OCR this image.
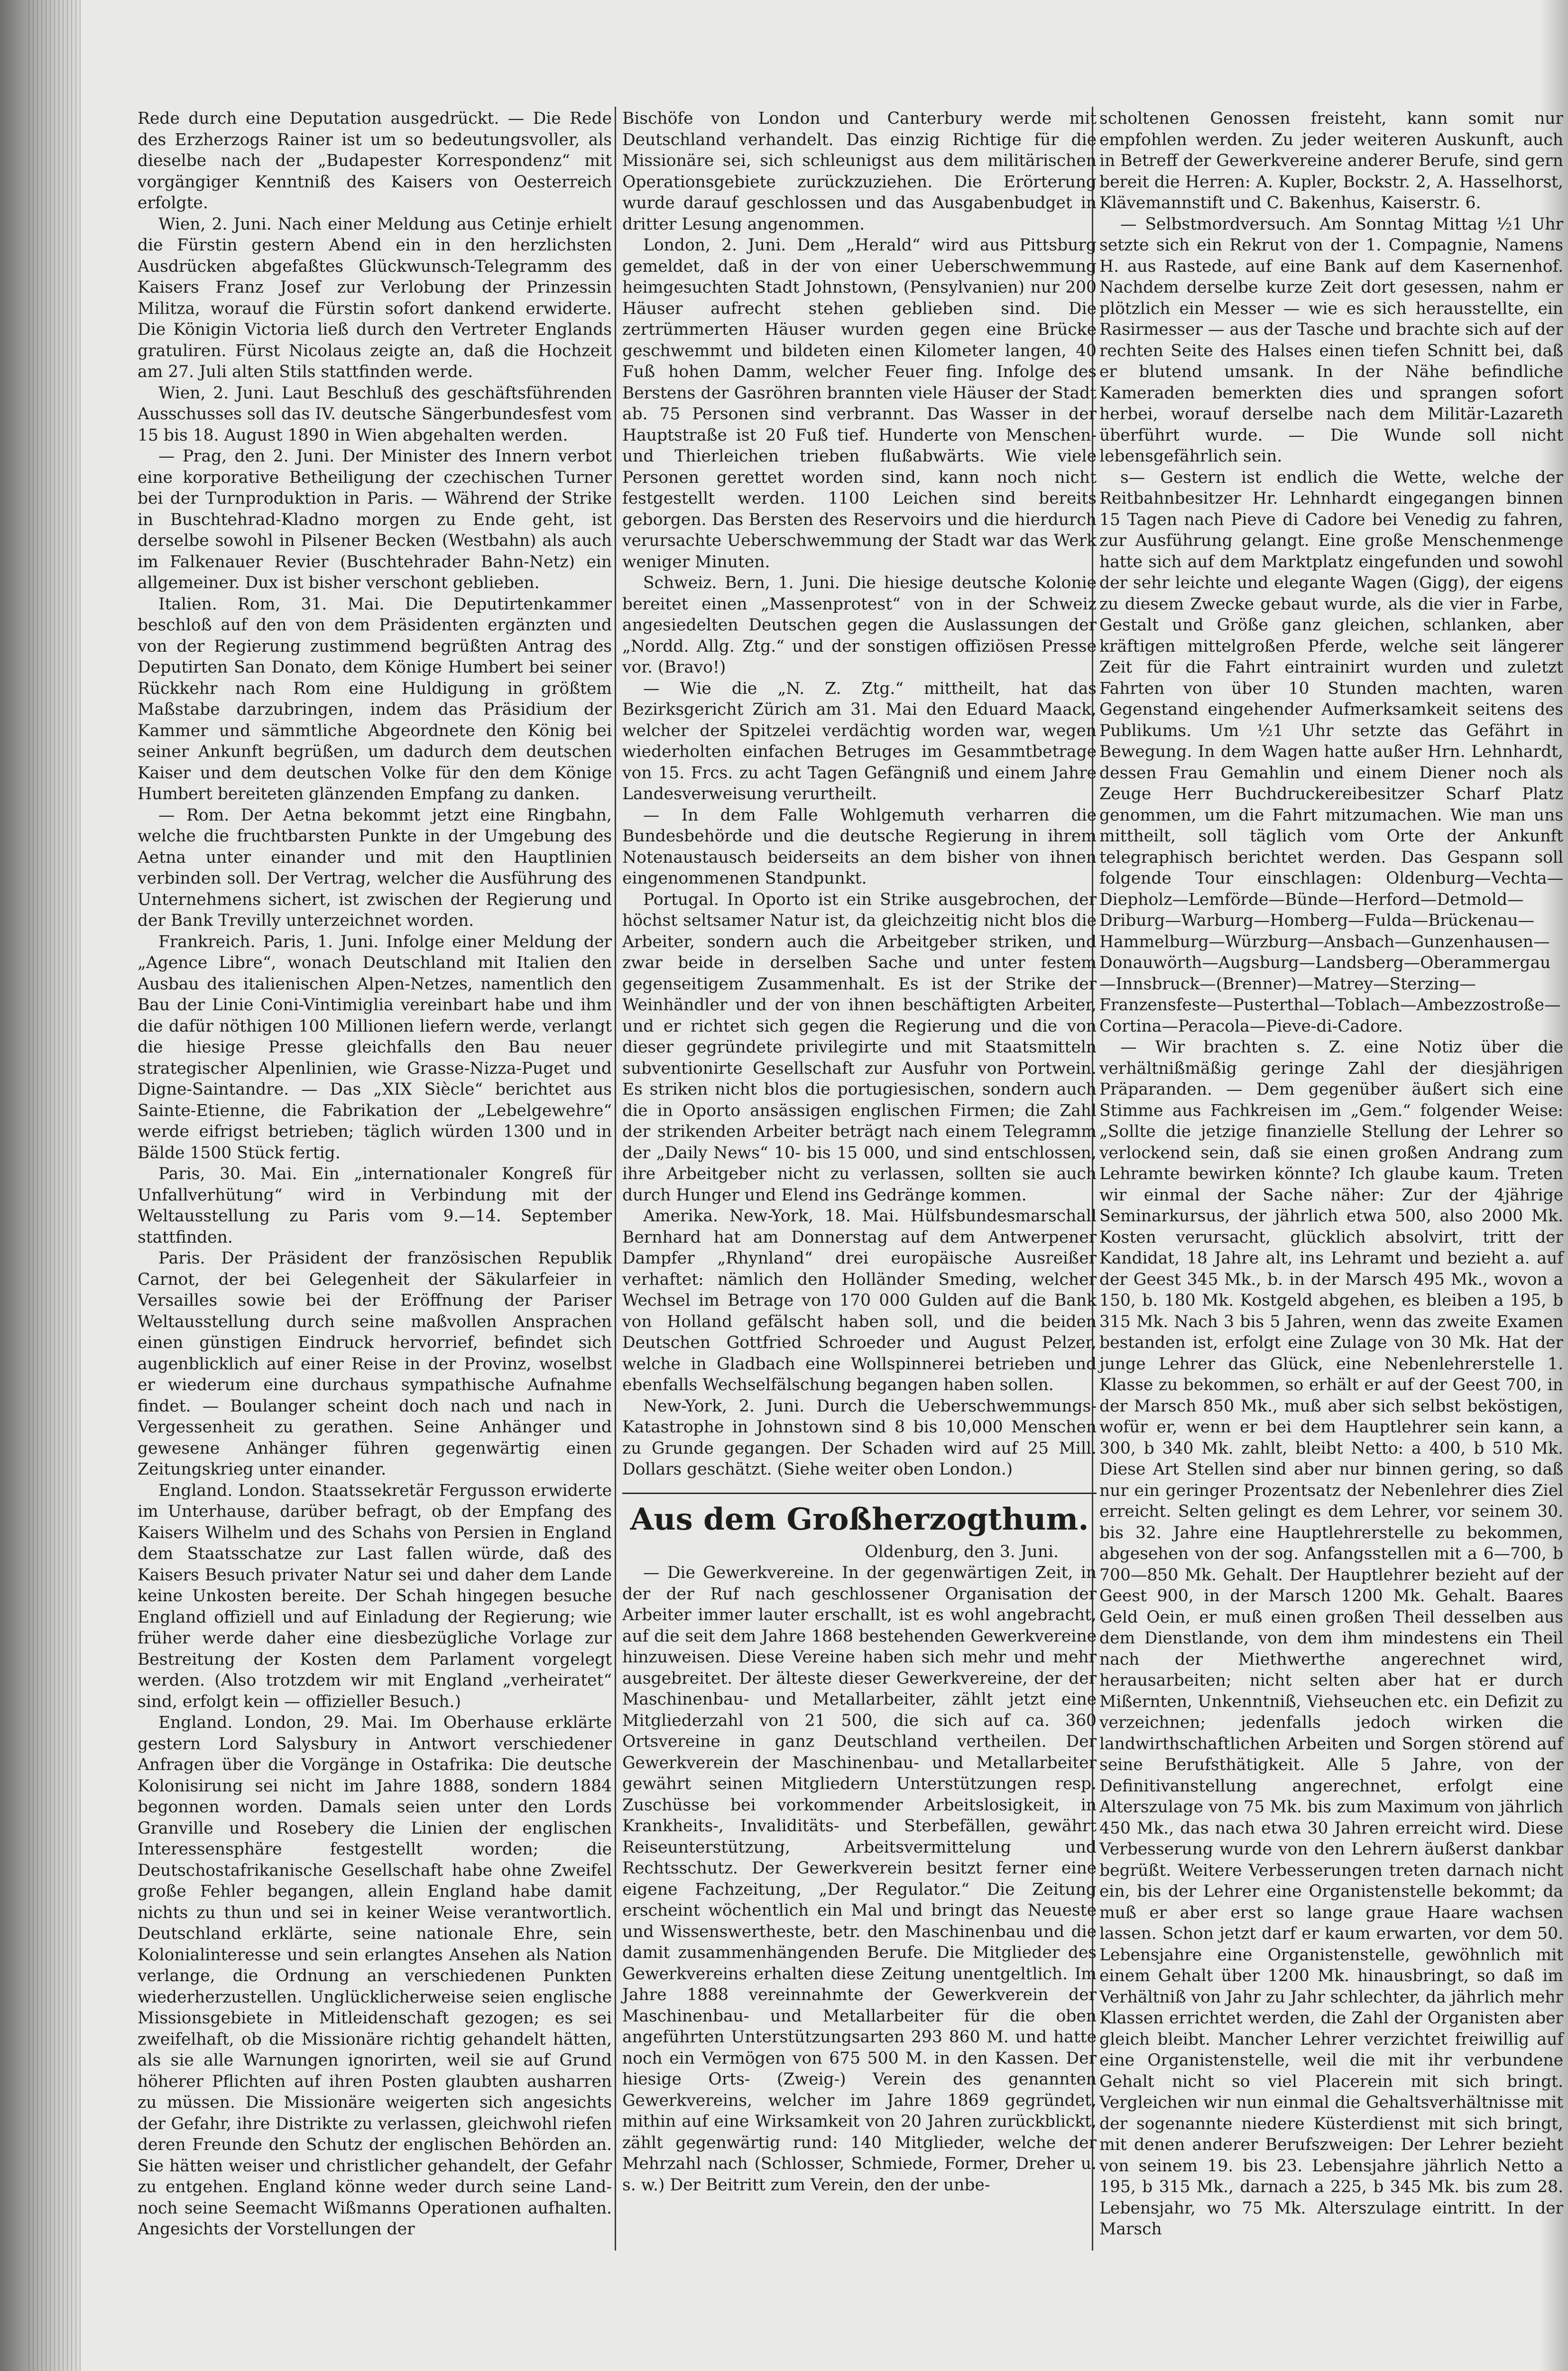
Rede durch eine Deputation ausgedrückt. — Die Rede des Erzherzogs Rainer ist um so bedeutungsvoller, als dieselbe nach der „Budapester Korrespondenz“ mit vorgängiger Kenntniß des Kaisers von Oesterreich erfolgte.

Wien, 2. Juni. Nach einer Meldung aus Cetinje erhielt die Fürstin gestern Abend ein in den herzlichsten Ausdrücken abgefaßtes Glückwunsch-Telegramm des Kaisers Franz Josef zur Verlobung der Prinzessin Militza, worauf die Fürstin sofort dankend erwiderte. Die Königin Victoria ließ durch den Vertreter Englands gratuliren. Fürst Nicolaus zeigte an, daß die Hochzeit am 27. Juli alten Stils stattfinden werde.

Wien, 2. Juni. Laut Beschluß des geschäftsführenden Ausschusses soll das IV. deutsche Sängerbundesfest vom 15 bis 18. August 1890 in Wien abgehalten werden.

— Prag, den 2. Juni. Der Minister des Innern verbot eine korporative Betheiligung der czechischen Turner bei der Turnproduktion in Paris. — Während der Strike in Buschtehrad-Kladno morgen zu Ende geht, ist derselbe sowohl in Pilsener Becken (Westbahn) als auch im Falkenauer Revier (Buschtehrader Bahn-Netz) ein allgemeiner. Dux ist bisher verschont geblieben.

Italien. Rom, 31. Mai. Die Deputirtenkammer beschloß auf den von dem Präsidenten ergänzten und von der Regierung zustimmend begrüßten Antrag des Deputirten San Donato, dem Könige Humbert bei seiner Rückkehr nach Rom eine Huldigung in größtem Maßstabe darzubringen, indem das Präsidium der Kammer und sämmtliche Abgeordnete den König bei seiner Ankunft begrüßen, um dadurch dem deutschen Kaiser und dem deutschen Volke für den dem Könige Humbert bereiteten glänzenden Empfang zu danken.

— Rom. Der Aetna bekommt jetzt eine Ringbahn, welche die fruchtbarsten Punkte in der Umgebung des Aetna unter einander und mit den Hauptlinien verbinden soll. Der Vertrag, welcher die Ausführung des Unternehmens sichert, ist zwischen der Regierung und der Bank Trevilly unterzeichnet worden.

Frankreich. Paris, 1. Juni. Infolge einer Meldung der „Agence Libre“, wonach Deutschland mit Italien den Ausbau des italienischen Alpen-Netzes, namentlich den Bau der Linie Coni-Vintimiglia vereinbart habe und ihm die dafür nöthigen 100 Millionen liefern werde, verlangt die hiesige Presse gleichfalls den Bau neuer strategischer Alpenlinien, wie Grasse-Nizza-Puget und Digne-Saintandre. — Das „XIX Siècle“ berichtet aus Sainte-Etienne, die Fabrikation der „Lebelgewehre“ werde eifrigst betrieben; täglich würden 1300 und in Bälde 1500 Stück fertig.

Paris, 30. Mai. Ein „internationaler Kongreß für Unfallverhütung“ wird in Verbindung mit der Weltausstellung zu Paris vom 9.—14. September stattfinden.

Paris. Der Präsident der französischen Republik Carnot, der bei Gelegenheit der Säkularfeier in Versailles sowie bei der Eröffnung der Pariser Weltausstellung durch seine maßvollen Ansprachen einen günstigen Eindruck hervorrief, befindet sich augenblicklich auf einer Reise in der Provinz, woselbst er wiederum eine durchaus sympathische Aufnahme findet. — Boulanger scheint doch nach und nach in Vergessenheit zu gerathen. Seine Anhänger und gewesene Anhänger führen gegenwärtig einen Zeitungskrieg unter einander.

England. London. Staatssekretär Fergusson erwiderte im Unterhause, darüber befragt, ob der Empfang des Kaisers Wilhelm und des Schahs von Persien in England dem Staatsschatze zur Last fallen würde, daß des Kaisers Besuch privater Natur sei und daher dem Lande keine Unkosten bereite. Der Schah hingegen besuche England offiziell und auf Einladung der Regierung; wie früher werde daher eine diesbezügliche Vorlage zur Bestreitung der Kosten dem Parlament vorgelegt werden. (Also trotzdem wir mit England „verheiratet“ sind, erfolgt kein — offizieller Besuch.)

England. London, 29. Mai. Im Oberhause erklärte gestern Lord Salysbury in Antwort verschiedener Anfragen über die Vorgänge in Ostafrika: Die deutsche Kolonisirung sei nicht im Jahre 1888, sondern 1884 begonnen worden. Damals seien unter den Lords Granville und Rosebery die Linien der englischen Interessensphäre festgestellt worden; die Deutschostafrikanische Gesellschaft habe ohne Zweifel große Fehler begangen, allein England habe damit nichts zu thun und sei in keiner Weise verantwortlich. Deutschland erklärte, seine nationale Ehre, sein Kolonialinteresse und sein erlangtes Ansehen als Nation verlange, die Ordnung an verschiedenen Punkten wiederherzustellen. Unglücklicherweise seien englische Missionsgebiete in Mitleidenschaft gezogen; es sei zweifelhaft, ob die Missionäre richtig gehandelt hätten, als sie alle Warnungen ignorirten, weil sie auf Grund höherer Pflichten auf ihren Posten glaubten ausharren zu müssen. Die Missionäre weigerten sich angesichts der Gefahr, ihre Distrikte zu verlassen, gleichwohl riefen deren Freunde den Schutz der englischen Behörden an. Sie hätten weiser und christlicher gehandelt, der Gefahr zu entgehen. England könne weder durch seine Land- noch seine Seemacht Wißmanns Operationen aufhalten. Angesichts der Vorstellungen der

Bischöfe von London und Canterbury werde mit Deutschland verhandelt. Das einzig Richtige für die Missionäre sei, sich schleunigst aus dem militärischen Operationsgebiete zurückzuziehen. Die Erörterung wurde darauf geschlossen und das Ausgabenbudget in dritter Lesung angenommen.

London, 2. Juni. Dem „Herald“ wird aus Pittsburg gemeldet, daß in der von einer Ueberschwemmung heimgesuchten Stadt Johnstown, (Pensylvanien) nur 200 Häuser aufrecht stehen geblieben sind. Die zertrümmerten Häuser wurden gegen eine Brücke geschwemmt und bildeten einen Kilometer langen, 40 Fuß hohen Damm, welcher Feuer fing. Infolge des Berstens der Gasröhren brannten viele Häuser der Stadt ab. 75 Personen sind verbrannt. Das Wasser in der Hauptstraße ist 20 Fuß tief. Hunderte von Menschen- und Thierleichen trieben flußabwärts. Wie viele Personen gerettet worden sind, kann noch nicht festgestellt werden. 1100 Leichen sind bereits geborgen. Das Bersten des Reservoirs und die hierdurch verursachte Ueberschwemmung der Stadt war das Werk weniger Minuten.

Schweiz. Bern, 1. Juni. Die hiesige deutsche Kolonie bereitet einen „Massenprotest“ von in der Schweiz angesiedelten Deutschen gegen die Auslassungen der „Nordd. Allg. Ztg.“ und der sonstigen offiziösen Presse vor. (Bravo!)

— Wie die „N. Z. Ztg.“ mittheilt, hat das Bezirksgericht Zürich am 31. Mai den Eduard Maack, welcher der Spitzelei verdächtig worden war, wegen wiederholten einfachen Betruges im Gesammtbetrage von 15. Frcs. zu acht Tagen Gefängniß und einem Jahre Landesverweisung verurtheilt.

— In dem Falle Wohlgemuth verharren die Bundesbehörde und die deutsche Regierung in ihrem Notenaustausch beiderseits an dem bisher von ihnen eingenommenen Standpunkt.

Portugal. In Oporto ist ein Strike ausgebrochen, der höchst seltsamer Natur ist, da gleichzeitig nicht blos die Arbeiter, sondern auch die Arbeitgeber striken, und zwar beide in derselben Sache und unter festem gegenseitigem Zusammenhalt. Es ist der Strike der Weinhändler und der von ihnen beschäftigten Arbeiter, und er richtet sich gegen die Regierung und die von dieser gegründete privilegirte und mit Staatsmitteln subventionirte Gesellschaft zur Ausfuhr von Portwein. Es striken nicht blos die portugiesischen, sondern auch die in Oporto ansässigen englischen Firmen; die Zahl der strikenden Arbeiter beträgt nach einem Telegramm der „Daily News“ 10- bis 15 000, und sind entschlossen, ihre Arbeitgeber nicht zu verlassen, sollten sie auch durch Hunger und Elend ins Gedränge kommen.

Amerika. New-York, 18. Mai. Hülfsbundesmarschall Bernhard hat am Donnerstag auf dem Antwerpener Dampfer „Rhynland“ drei europäische Ausreißer verhaftet: nämlich den Holländer Smeding, welcher Wechsel im Betrage von 170 000 Gulden auf die Bank von Holland gefälscht haben soll, und die beiden Deutschen Gottfried Schroeder und August Pelzer, welche in Gladbach eine Wollspinnerei betrieben und ebenfalls Wechselfälschung begangen haben sollen.

New-York, 2. Juni. Durch die Ueberschwemmungs-Katastrophe in Johnstown sind 8 bis 10,000 Menschen zu Grunde gegangen. Der Schaden wird auf 25 Mill. Dollars geschätzt. (Siehe weiter oben London.)

Aus dem Großherzogthum.
Oldenburg, den 3. Juni.

— Die Gewerkvereine. In der gegenwärtigen Zeit, in der der Ruf nach geschlossener Organisation der Arbeiter immer lauter erschallt, ist es wohl angebracht, auf die seit dem Jahre 1868 bestehenden Gewerkvereine hinzuweisen. Diese Vereine haben sich mehr und mehr ausgebreitet. Der älteste dieser Gewerkvereine, der der Maschinenbau- und Metallarbeiter, zählt jetzt eine Mitgliederzahl von 21 500, die sich auf ca. 360 Ortsvereine in ganz Deutschland vertheilen. Der Gewerkverein der Maschinenbau- und Metallarbeiter gewährt seinen Mitgliedern Unterstützungen resp. Zuschüsse bei vorkommender Arbeitslosigkeit, in Krankheits-, Invaliditäts- und Sterbefällen, gewährt Reiseunterstützung, Arbeitsvermittelung und Rechtsschutz. Der Gewerkverein besitzt ferner eine eigene Fachzeitung, „Der Regulator.“ Die Zeitung erscheint wöchentlich ein Mal und bringt das Neueste und Wissenswertheste, betr. den Maschinenbau und die damit zusammenhängenden Berufe. Die Mitglieder des Gewerkvereins erhalten diese Zeitung unentgeltlich. Im Jahre 1888 vereinnahmte der Gewerkverein der Maschinenbau- und Metallarbeiter für die oben angeführten Unterstützungsarten 293 860 M. und hatte noch ein Vermögen von 675 500 M. in den Kassen. Der hiesige Orts- (Zweig-) Verein des genannten Gewerkvereins, welcher im Jahre 1869 gegründet, mithin auf eine Wirksamkeit von 20 Jahren zurückblickt, zählt gegenwärtig rund: 140 Mitglieder, welche der Mehrzahl nach (Schlosser, Schmiede, Former, Dreher u. s. w.) Der Beitritt zum Verein, den der unbe-

scholtenen Genossen freisteht, kann somit nur empfohlen werden. Zu jeder weiteren Auskunft, auch in Betreff der Gewerkvereine anderer Berufe, sind gern bereit die Herren: A. Kupler, Bockstr. 2, A. Hasselhorst, Klävemannstift und C. Bakenhus, Kaiserstr. 6.

— Selbstmordversuch. Am Sonntag Mittag ½1 Uhr setzte sich ein Rekrut von der 1. Compagnie, Namens H. aus Rastede, auf eine Bank auf dem Kasernenhof. Nachdem derselbe kurze Zeit dort gesessen, nahm er plötzlich ein Messer — wie es sich herausstellte, ein Rasirmesser — aus der Tasche und brachte sich auf der rechten Seite des Halses einen tiefen Schnitt bei, daß er blutend umsank. In der Nähe befindliche Kameraden bemerkten dies und sprangen sofort herbei, worauf derselbe nach dem Militär-Lazareth überführt wurde. — Die Wunde soll nicht lebensgefährlich sein.

s— Gestern ist endlich die Wette, welche der Reitbahnbesitzer Hr. Lehnhardt eingegangen binnen 15 Tagen nach Pieve di Cadore bei Venedig zu fahren, zur Ausführung gelangt. Eine große Menschenmenge hatte sich auf dem Marktplatz eingefunden und sowohl der sehr leichte und elegante Wagen (Gigg), der eigens zu diesem Zwecke gebaut wurde, als die vier in Farbe, Gestalt und Größe ganz gleichen, schlanken, aber kräftigen mittelgroßen Pferde, welche seit längerer Zeit für die Fahrt eintrainirt wurden und zuletzt Fahrten von über 10 Stunden machten, waren Gegenstand eingehender Aufmerksamkeit seitens des Publikums. Um ½1 Uhr setzte das Gefährt in Bewegung. In dem Wagen hatte außer Hrn. Lehnhardt, dessen Frau Gemahlin und einem Diener noch als Zeuge Herr Buchdruckereibesitzer Scharf Platz genommen, um die Fahrt mitzumachen. Wie man uns mittheilt, soll täglich vom Orte der Ankunft telegraphisch berichtet werden. Das Gespann soll folgende Tour einschlagen: Oldenburg—Vechta—Diepholz—Lemförde—Bünde—Herford—Detmold—Driburg—Warburg—Homberg—Fulda—Brückenau—Hammelburg—Würzburg—Ansbach—Gunzenhausen—Donauwörth—Augsburg—Landsberg—Oberammergau—Innsbruck—(Brenner)—Matrey—Sterzing—Franzensfeste—Pusterthal—Toblach—Ambezzostroße—Cortina—Peracola—Pieve-di-Cadore.

— Wir brachten s. Z. eine Notiz über die verhältnißmäßig geringe Zahl der diesjährigen Präparanden. — Dem gegenüber äußert sich eine Stimme aus Fachkreisen im „Gem.“ folgender Weise: „Sollte die jetzige finanzielle Stellung der Lehrer so verlockend sein, daß sie einen großen Andrang zum Lehramte bewirken könnte? Ich glaube kaum. Treten wir einmal der Sache näher: Zur der 4jährige Seminarkursus, der jährlich etwa 500, also 2000 Mk. Kosten verursacht, glücklich absolvirt, tritt der Kandidat, 18 Jahre alt, ins Lehramt und bezieht a. auf der Geest 345 Mk., b. in der Marsch 495 Mk., wovon a 150, b. 180 Mk. Kostgeld abgehen, es bleiben a 195, b 315 Mk. Nach 3 bis 5 Jahren, wenn das zweite Examen bestanden ist, erfolgt eine Zulage von 30 Mk. Hat der junge Lehrer das Glück, eine Nebenlehrerstelle 1. Klasse zu bekommen, so erhält er auf der Geest 700, in der Marsch 850 Mk., muß aber sich selbst beköstigen, wofür er, wenn er bei dem Hauptlehrer sein kann, a 300, b 340 Mk. zahlt, bleibt Netto: a 400, b 510 Mk. Diese Art Stellen sind aber nur binnen gering, so daß nur ein geringer Prozentsatz der Nebenlehrer dies Ziel erreicht. Selten gelingt es dem Lehrer, vor seinem 30. bis 32. Jahre eine Hauptlehrerstelle zu bekommen, abgesehen von der sog. Anfangsstellen mit a 6—700, b 700—850 Mk. Gehalt. Der Hauptlehrer bezieht auf der Geest 900, in der Marsch 1200 Mk. Gehalt. Baares Geld Oein, er muß einen großen Theil desselben aus dem Dienstlande, von dem ihm mindestens ein Theil nach der Miethwerthe angerechnet wird, herausarbeiten; nicht selten aber hat er durch Mißernten, Unkenntniß, Viehseuchen etc. ein Defizit zu verzeichnen; jedenfalls jedoch wirken die landwirthschaftlichen Arbeiten und Sorgen störend auf seine Berufsthätigkeit. Alle 5 Jahre, von der Definitivanstellung angerechnet, erfolgt eine Alterszulage von 75 Mk. bis zum Maximum von jährlich 450 Mk., das nach etwa 30 Jahren erreicht wird. Diese Verbesserung wurde von den Lehrern äußerst dankbar begrüßt. Weitere Verbesserungen treten darnach nicht ein, bis der Lehrer eine Organistenstelle bekommt; da muß er aber erst so lange graue Haare wachsen lassen. Schon jetzt darf er kaum erwarten, vor dem 50. Lebensjahre eine Organistenstelle, gewöhnlich mit einem Gehalt über 1200 Mk. hinausbringt, so daß im Verhältniß von Jahr zu Jahr schlechter, da jährlich mehr Klassen errichtet werden, die Zahl der Organisten aber gleich bleibt. Mancher Lehrer verzichtet freiwillig auf eine Organistenstelle, weil die mit ihr verbundene Gehalt nicht so viel Placerein mit sich bringt. Vergleichen wir nun einmal die Gehaltsverhältnisse mit der sogenannte niedere Küsterdienst mit sich bringt, mit denen anderer Berufszweigen: Der Lehrer bezieht von seinem 19. bis 23. Lebensjahre jährlich Netto a 195, b 315 Mk., darnach a 225, b 345 Mk. bis zum 28. Lebensjahr, wo 75 Mk. Alterszulage eintritt. In der Marsch
